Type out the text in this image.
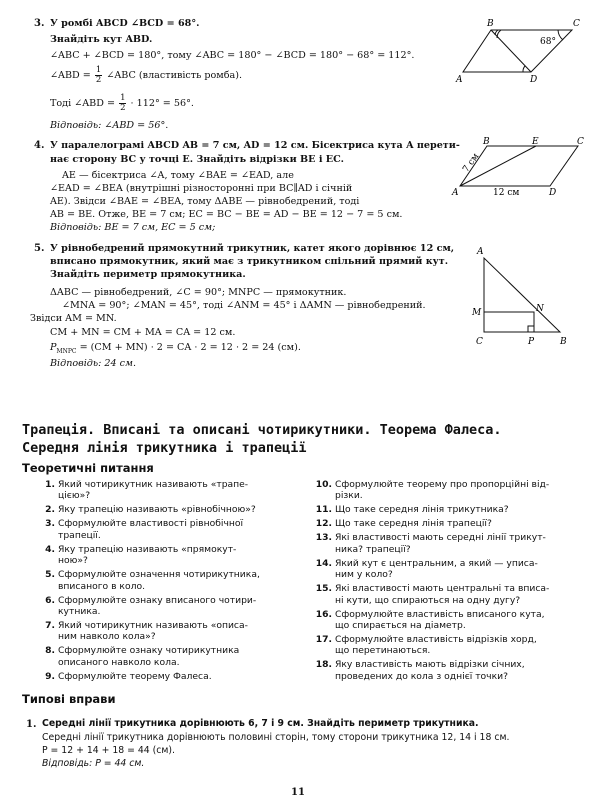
3. У ромбі ABCD ∠BCD = 68°.
Знайдіть кут ABD.
∠ABC + ∠BCD = 180°, тому ∠ABC = 180° − ∠BCD = 180° − 68° = 112°.
∠ABD = $\frac{1}{2}$ ∠ABC (властивість ромба).
Тоді ∠ABD = $\frac{1}{2} \cdot 112^\circ = 56^\circ$.
Відповідь: ∠ABD = 56°.
B	C
A	D
68°
4. У паралелограмі ABCD AB = 7 см, AD = 12 см. Бісектриса кута A перети-
нає сторону BC у точці E. Знайдіть відрізки BE і EC.
AE — бісектриса ∠A, тому ∠BAE = ∠EAD, але
∠EAD = ∠BEA (внутрішні різносторонні при BC∥AD і січній
AE). Звідси ∠BAE = ∠BEA, тому ΔABE — рівнобедрений, тоді
AB = BE. Отже, BE = 7 см; EC = BC − BE = AD − BE = 12 − 7 = 5 см.
Відповідь: BE = 7 см, EC = 5 см;
B	E	C
A	D
7 см
12 см
5. У рівнобедрений прямокутний трикутник, катет якого дорівнює 12 см,
вписано прямокутник, який має з трикутником спільний прямий кут.
Знайдіть периметр прямокутника.
ΔABC — рівнобедрений, ∠C = 90°; MNPC — прямокутник.
∠MNA = 90°; ∠MAN = 45°, тоді ∠ANM = 45° і ΔAMN — рівнобедрений.
Звідси AM = MN.
CM + MN = CM + MA = CA = 12 см.
$P_{MNPC} = (CM + MN) \cdot 2$ = CA · 2 = 12 · 2 = 24 (см).
Відповідь: 24 см.
A
M	N
C	P	B
Трапеція. Вписані та описані чотирикутники. Теорема Фалеса.
Середня лінія трикутника і трапеції
Теоретичні питання
1. Який чотирикутник називають «трапе-
цією»?
2. Яку трапецію називають «рівнобічною»?
3. Сформулюйте властивості рівнобічної
трапеції.
4. Яку трапецію називають «прямокут-
ною»?
5. Сформулюйте означення чотирикутника,
вписаного в коло.
6. Сформулюйте ознаку вписаного чотири-
кутника.
7. Який чотирикутник називають «описа-
ним навколо кола»?
8. Сформулюйте ознаку чотирикутника
описаного навколо кола.
9. Сформулюйте теорему Фалеса.
10. Сформулюйте теорему про пропорційні від-
різки.
11. Що таке середня лінія трикутника?
12. Що таке середня лінія трапеції?
13. Які властивості мають середні лінії трикут-
ника? трапеції?
14. Який кут є центральним, а який — уписа-
ним у коло?
15. Які властивості мають центральні та вписа-
ні кути, що спираються на одну дугу?
16. Сформулюйте властивість вписаного кута,
що спирається на діаметр.
17. Сформулюйте властивість відрізків хорд,
що перетинаються.
18. Яку властивість мають відрізки січних,
проведених до кола з однієї точки?
Типові вправи
1. Середні лінії трикутника дорівнюють 6, 7 і 9 см. Знайдіть периметр трикутника.
Середні лінії трикутника дорівнюють половині сторін, тому сторони трикутника 12, 14 і 18 см.
P = 12 + 14 + 18 = 44 (см).
Відповідь: P = 44 см.
11
